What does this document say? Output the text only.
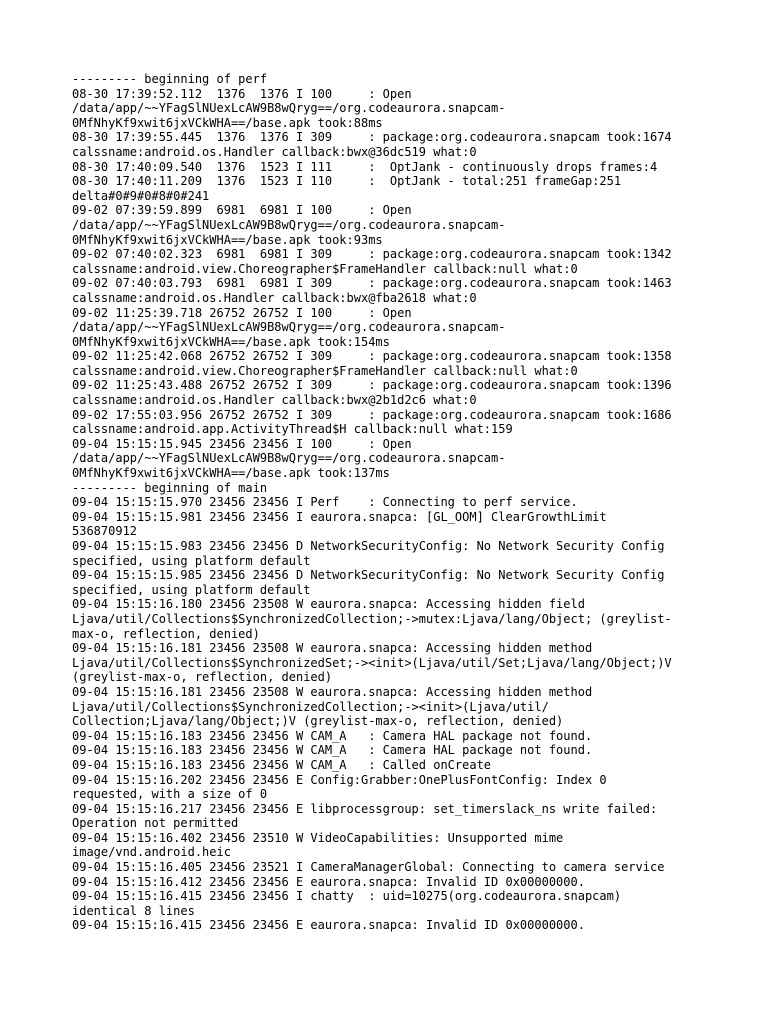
--------- beginning of perf
08-30 17:39:52.112  1376  1376 I 100     : Open
/data/app/~~YFagSlNUexLcAW9B8wQryg==/org.codeaurora.snapcam-
0MfNhyKf9xwit6jxVCkWHA==/base.apk took:88ms
08-30 17:39:55.445  1376  1376 I 309     : package:org.codeaurora.snapcam took:1674
calssname:android.os.Handler callback:bwx@36dc519 what:0
08-30 17:40:09.540  1376  1523 I 111     :  OptJank - continuously drops frames:4
08-30 17:40:11.209  1376  1523 I 110     :  OptJank - total:251 frameGap:251
delta#0#9#0#8#0#241
09-02 07:39:59.899  6981  6981 I 100     : Open
/data/app/~~YFagSlNUexLcAW9B8wQryg==/org.codeaurora.snapcam-
0MfNhyKf9xwit6jxVCkWHA==/base.apk took:93ms
09-02 07:40:02.323  6981  6981 I 309     : package:org.codeaurora.snapcam took:1342
calssname:android.view.Choreographer$FrameHandler callback:null what:0
09-02 07:40:03.793  6981  6981 I 309     : package:org.codeaurora.snapcam took:1463
calssname:android.os.Handler callback:bwx@fba2618 what:0
09-02 11:25:39.718 26752 26752 I 100     : Open
/data/app/~~YFagSlNUexLcAW9B8wQryg==/org.codeaurora.snapcam-
0MfNhyKf9xwit6jxVCkWHA==/base.apk took:154ms
09-02 11:25:42.068 26752 26752 I 309     : package:org.codeaurora.snapcam took:1358
calssname:android.view.Choreographer$FrameHandler callback:null what:0
09-02 11:25:43.488 26752 26752 I 309     : package:org.codeaurora.snapcam took:1396
calssname:android.os.Handler callback:bwx@2b1d2c6 what:0
09-02 17:55:03.956 26752 26752 I 309     : package:org.codeaurora.snapcam took:1686
calssname:android.app.ActivityThread$H callback:null what:159
09-04 15:15:15.945 23456 23456 I 100     : Open
/data/app/~~YFagSlNUexLcAW9B8wQryg==/org.codeaurora.snapcam-
0MfNhyKf9xwit6jxVCkWHA==/base.apk took:137ms
--------- beginning of main
09-04 15:15:15.970 23456 23456 I Perf    : Connecting to perf service.
09-04 15:15:15.981 23456 23456 I eaurora.snapca: [GL_OOM] ClearGrowthLimit
536870912
09-04 15:15:15.983 23456 23456 D NetworkSecurityConfig: No Network Security Config
specified, using platform default
09-04 15:15:15.985 23456 23456 D NetworkSecurityConfig: No Network Security Config
specified, using platform default
09-04 15:15:16.180 23456 23508 W eaurora.snapca: Accessing hidden field
Ljava/util/Collections$SynchronizedCollection;->mutex:Ljava/lang/Object; (greylist-
max-o, reflection, denied)
09-04 15:15:16.181 23456 23508 W eaurora.snapca: Accessing hidden method
Ljava/util/Collections$SynchronizedSet;-><init>(Ljava/util/Set;Ljava/lang/Object;)V
(greylist-max-o, reflection, denied)
09-04 15:15:16.181 23456 23508 W eaurora.snapca: Accessing hidden method
Ljava/util/Collections$SynchronizedCollection;-><init>(Ljava/util/
Collection;Ljava/lang/Object;)V (greylist-max-o, reflection, denied)
09-04 15:15:16.183 23456 23456 W CAM_A   : Camera HAL package not found.
09-04 15:15:16.183 23456 23456 W CAM_A   : Camera HAL package not found.
09-04 15:15:16.183 23456 23456 W CAM_A   : Called onCreate
09-04 15:15:16.202 23456 23456 E Config:Grabber:OnePlusFontConfig: Index 0
requested, with a size of 0
09-04 15:15:16.217 23456 23456 E libprocessgroup: set_timerslack_ns write failed:
Operation not permitted
09-04 15:15:16.402 23456 23510 W VideoCapabilities: Unsupported mime
image/vnd.android.heic
09-04 15:15:16.405 23456 23521 I CameraManagerGlobal: Connecting to camera service
09-04 15:15:16.412 23456 23456 E eaurora.snapca: Invalid ID 0x00000000.
09-04 15:15:16.415 23456 23456 I chatty  : uid=10275(org.codeaurora.snapcam)
identical 8 lines
09-04 15:15:16.415 23456 23456 E eaurora.snapca: Invalid ID 0x00000000.
